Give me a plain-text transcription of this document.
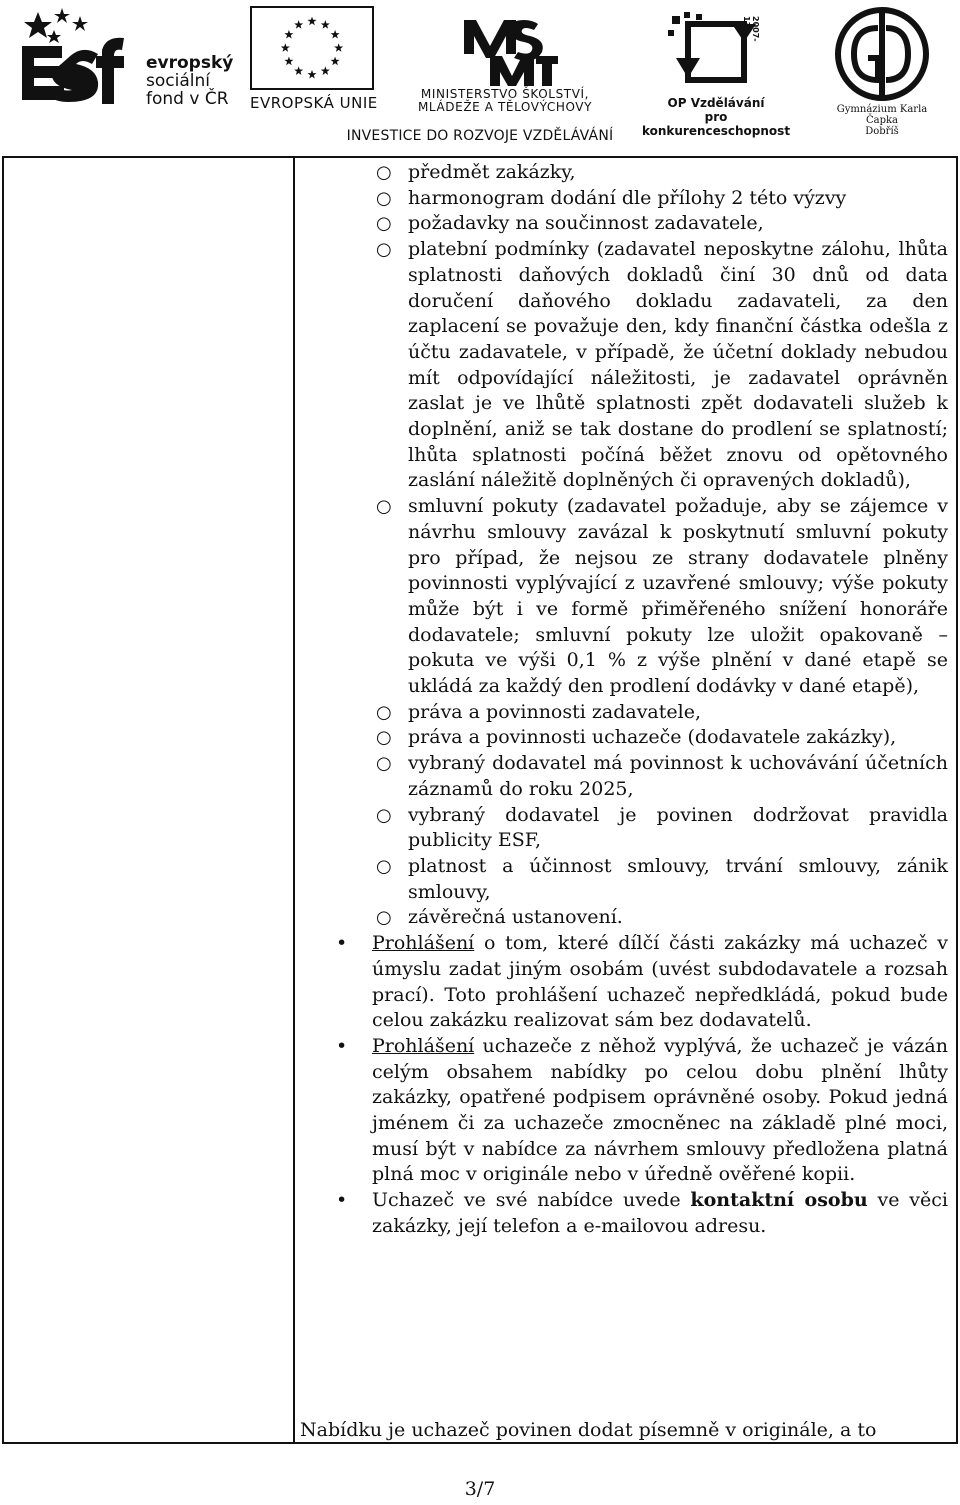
evropský
sociální
fond v ČR	EVROPSKÁ UNIE	MINISTERSTVO ŠKOLSTVÍ,
MLÁDEŽE A TĚLOVÝCHOVY
2007-13
OP Vzdělávání
pro konkurenceschopnost
Gymnázium Karla Čapka
Dobříš
INVESTICE DO ROZVOJE VZDĚLÁVÁNÍ
○ předmět zakázky,
○ harmonogram dodání dle přílohy 2 této výzvy
○ požadavky na součinnost zadavatele,
○ platební podmínky (zadavatel neposkytne zálohu, lhůta splatnosti daňových dokladů činí 30 dnů od data doručení daňového dokladu zadavateli, za den zaplacení se považuje den, kdy finanční částka odešla z účtu zadavatele, v případě, že účetní doklady nebudou mít odpovídající náležitosti, je zadavatel oprávněn zaslat je ve lhůtě splatnosti zpět dodavateli služeb k doplnění, aniž se tak dostane do prodlení se splatností; lhůta splatnosti počíná běžet znovu od opětovného zaslání náležitě doplněných či opravených dokladů),
○ smluvní pokuty (zadavatel požaduje, aby se zájemce v návrhu smlouvy zavázal k poskytnutí smluvní pokuty pro případ, že nejsou ze strany dodavatele plněny povinnosti vyplývající z uzavřené smlouvy; výše pokuty může být i ve formě přiměřeného snížení honoráře dodavatele; smluvní pokuty lze uložit opakovaně – pokuta ve výši 0,1 % z výše plnění v dané etapě se ukládá za každý den prodlení dodávky v dané etapě),
○ práva a povinnosti zadavatele,
○ práva a povinnosti uchazeče (dodavatele zakázky),
○ vybraný dodavatel má povinnost k uchovávání účetních záznamů do roku 2025,
○ vybraný dodavatel je povinen dodržovat pravidla publicity ESF,
○ platnost a účinnost smlouvy, trvání smlouvy, zánik smlouvy,
○ závěrečná ustanovení.
• Prohlášení o tom, které dílčí části zakázky má uchazeč v úmyslu zadat jiným osobám (uvést subdodavatele a rozsah prací). Toto prohlášení uchazeč nepředkládá, pokud bude celou zakázku realizovat sám bez dodavatelů.
• Prohlášení uchazeče z něhož vyplývá, že uchazeč je vázán celým obsahem nabídky po celou dobu plnění lhůty zakázky, opatřené podpisem oprávněné osoby. Pokud jedná jménem či za uchazeče zmocněnec na základě plné moci, musí být v nabídce za návrhem smlouvy předložena platná plná moc v originále nebo v úředně ověřené kopii.
• Uchazeč ve své nabídce uvede kontaktní osobu ve věci zakázky, její telefon a e-mailovou adresu.
Nabídku je uchazeč povinen dodat písemně v originále, a to
3/7
